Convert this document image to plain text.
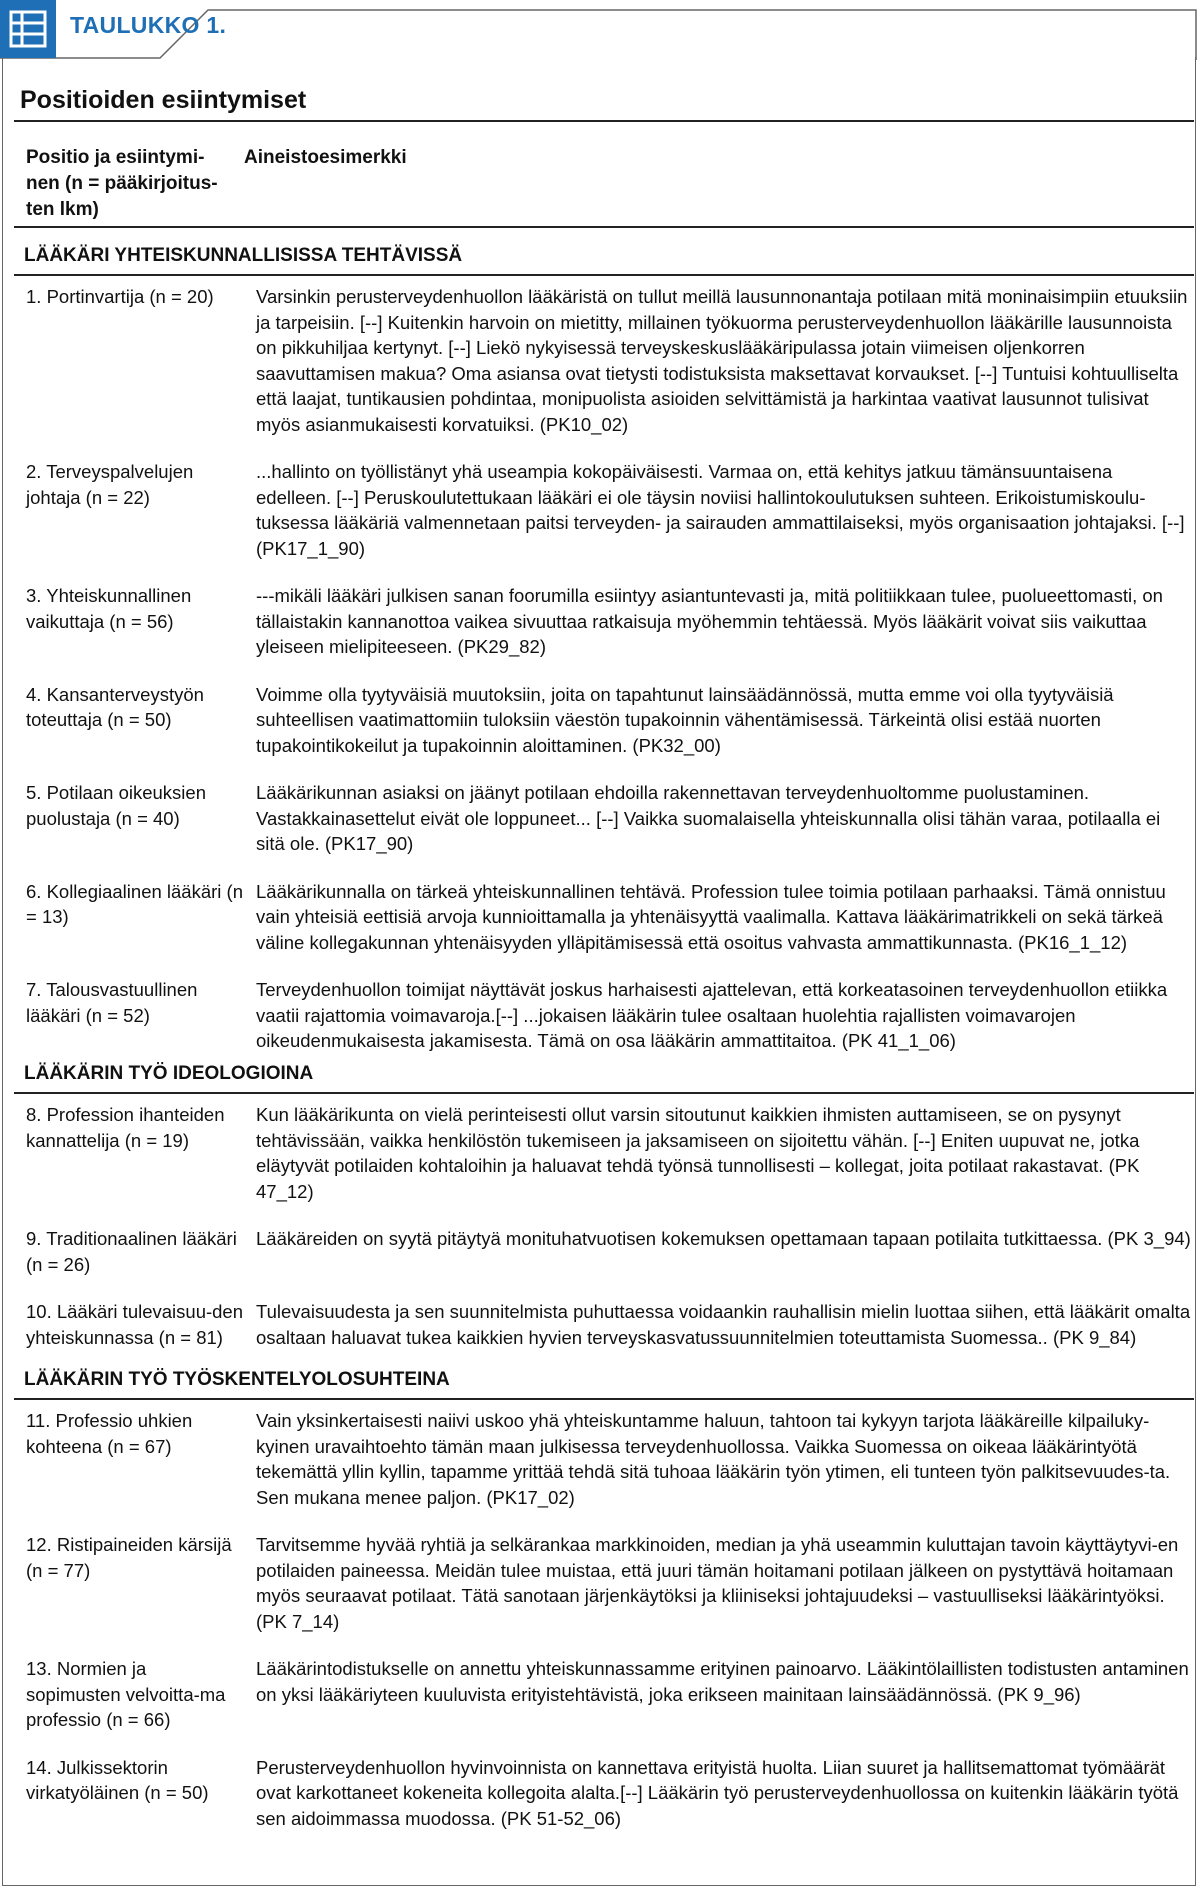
TAULUKKO 1.
Positioiden esiintymiset
Positio ja esiintymi-
nen (n = pääkirjoitus-
ten lkm)
Aineistoesimerkki
LÄÄKÄRI YHTEISKUNNALLISISSA TEHTÄVISSÄ
1. Portinvartija (n = 20)	Varsinkin perusterveydenhuollon lääkäristä on tullut meillä lausunnonantaja potilaan mitä moninaisimpiin etuuksiin ja tarpeisiin. [--] Kuitenkin harvoin on mietitty, millainen työkuorma perusterveydenhuollon lääkärille lausunnoista on pikkuhiljaa kertynyt. [--] Liekö nykyisessä terveyskeskuslääkäripulassa jotain viimeisen oljenkorren saavuttamisen makua? Oma asiansa ovat tietysti todistuksista maksettavat korvaukset. [--] Tuntuisi kohtuulliselta että laajat, tuntikausien pohdintaa, monipuolista asioiden selvittämistä ja harkintaa vaativat lausunnot tulisivat myös asianmukaisesti korvatuiksi. (PK10_02)
2. Terveyspalvelujen johtaja (n = 22)
...hallinto on työllistänyt yhä useampia kokopäiväisesti. Varmaa on, että kehitys jatkuu tämänsuuntaisena edelleen. [--] Peruskoulutettukaan lääkäri ei ole täysin noviisi hallintokoulutuksen suhteen. Erikoistumiskoulu-tuksessa lääkäriä valmennetaan paitsi terveyden- ja sairauden ammattilaiseksi, myös organisaation johtajaksi. [--] (PK17_1_90)
3. Yhteiskunnallinen vaikuttaja (n = 56)
---mikäli lääkäri julkisen sanan foorumilla esiintyy asiantuntevasti ja, mitä politiikkaan tulee, puolueettomasti, on tällaistakin kannanottoa vaikea sivuuttaa ratkaisuja myöhemmin tehtäessä. Myös lääkärit voivat siis vaikuttaa yleiseen mielipiteeseen. (PK29_82)
4. Kansanterveystyön toteuttaja (n = 50)
Voimme olla tyytyväisiä muutoksiin, joita on tapahtunut lainsäädännössä, mutta emme voi olla tyytyväisiä suhteellisen vaatimattomiin tuloksiin väestön tupakoinnin vähentämisessä. Tärkeintä olisi estää nuorten tupakointikokeilut ja tupakoinnin aloittaminen. (PK32_00)
5. Potilaan oikeuksien puolustaja (n = 40)
Lääkärikunnan asiaksi on jäänyt potilaan ehdoilla rakennettavan terveydenhuoltomme puolustaminen. Vastakkainasettelut eivät ole loppuneet... [--] Vaikka suomalaisella yhteiskunnalla olisi tähän varaa, potilaalla ei sitä ole. (PK17_90)
6. Kollegiaalinen lääkäri (n = 13)
Lääkärikunnalla on tärkeä yhteiskunnallinen tehtävä. Profession tulee toimia potilaan parhaaksi. Tämä onnistuu vain yhteisiä eettisiä arvoja kunnioittamalla ja yhtenäisyyttä vaalimalla. Kattava lääkärimatrikkeli on sekä tärkeä väline kollegakunnan yhtenäisyyden ylläpitämisessä että osoitus vahvasta ammattikunnasta. (PK16_1_12)
7. Talousvastuullinen lääkäri (n = 52)
Terveydenhuollon toimijat näyttävät joskus harhaisesti ajattelevan, että korkeatasoinen terveydenhuollon etiikka vaatii rajattomia voimavaroja.[--] ...jokaisen lääkärin tulee osaltaan huolehtia rajallisten voimavarojen oikeudenmukaisesta jakamisesta. Tämä on osa lääkärin ammattitaitoa. (PK 41_1_06)
LÄÄKÄRIN TYÖ IDEOLOGIOINA
8. Profession ihanteiden kannattelija (n = 19)
Kun lääkärikunta on vielä perinteisesti ollut varsin sitoutunut kaikkien ihmisten auttamiseen, se on pysynyt tehtävissään, vaikka henkilöstön tukemiseen ja jaksamiseen on sijoitettu vähän. [--] Eniten uupuvat ne, jotka eläytyvät potilaiden kohtaloihin ja haluavat tehdä työnsä tunnollisesti – kollegat, joita potilaat rakastavat. (PK 47_12)
9. Traditionaalinen lääkäri (n = 26)
Lääkäreiden on syytä pitäytyä monituhatvuotisen kokemuksen opettamaan tapaan potilaita tutkittaessa. (PK 3_94)
10. Lääkäri tulevaisuu-den yhteiskunnassa (n = 81)
Tulevaisuudesta ja sen suunnitelmista puhuttaessa voidaankin rauhallisin mielin luottaa siihen, että lääkärit omalta osaltaan haluavat tukea kaikkien hyvien terveyskasvatussuunnitelmien toteuttamista Suomessa.. (PK 9_84)
LÄÄKÄRIN TYÖ TYÖSKENTELYOLOSUHTEINA
11. Professio uhkien kohteena (n = 67)
Vain yksinkertaisesti naiivi uskoo yhä yhteiskuntamme haluun, tahtoon tai kykyyn tarjota lääkäreille kilpailuky-kyinen uravaihtoehto tämän maan julkisessa terveydenhuollossa. Vaikka Suomessa on oikeaa lääkärintyötä tekemättä yllin kyllin, tapamme yrittää tehdä sitä tuhoaa lääkärin työn ytimen, eli tunteen työn palkitsevuudes-ta. Sen mukana menee paljon. (PK17_02)
12. Ristipaineiden kärsijä (n = 77)
Tarvitsemme hyvää ryhtiä ja selkärankaa markkinoiden, median ja yhä useammin kuluttajan tavoin käyttäytyvi-en potilaiden paineessa. Meidän tulee muistaa, että juuri tämän hoitamani potilaan jälkeen on pystyttävä hoitamaan myös seuraavat potilaat. Tätä sanotaan järjenkäytöksi ja kliiniseksi johtajuudeksi – vastuulliseksi lääkärintyöksi. (PK 7_14)
13. Normien ja sopimusten velvoitta-ma professio (n = 66)
Lääkärintodistukselle on annettu yhteiskunnassamme erityinen painoarvo. Lääkintölaillisten todistusten antaminen on yksi lääkäriyteen kuuluvista erityistehtävistä, joka erikseen mainitaan lainsäädännössä. (PK 9_96)
14. Julkissektorin virkatyöläinen (n = 50)
Perusterveydenhuollon hyvinvoinnista on kannettava erityistä huolta. Liian suuret ja hallitsemattomat työmäärät ovat karkottaneet kokeneita kollegoita alalta.[--] Lääkärin työ perusterveydenhuollossa on kuitenkin lääkärin työtä sen aidoimmassa muodossa. (PK 51-52_06)
